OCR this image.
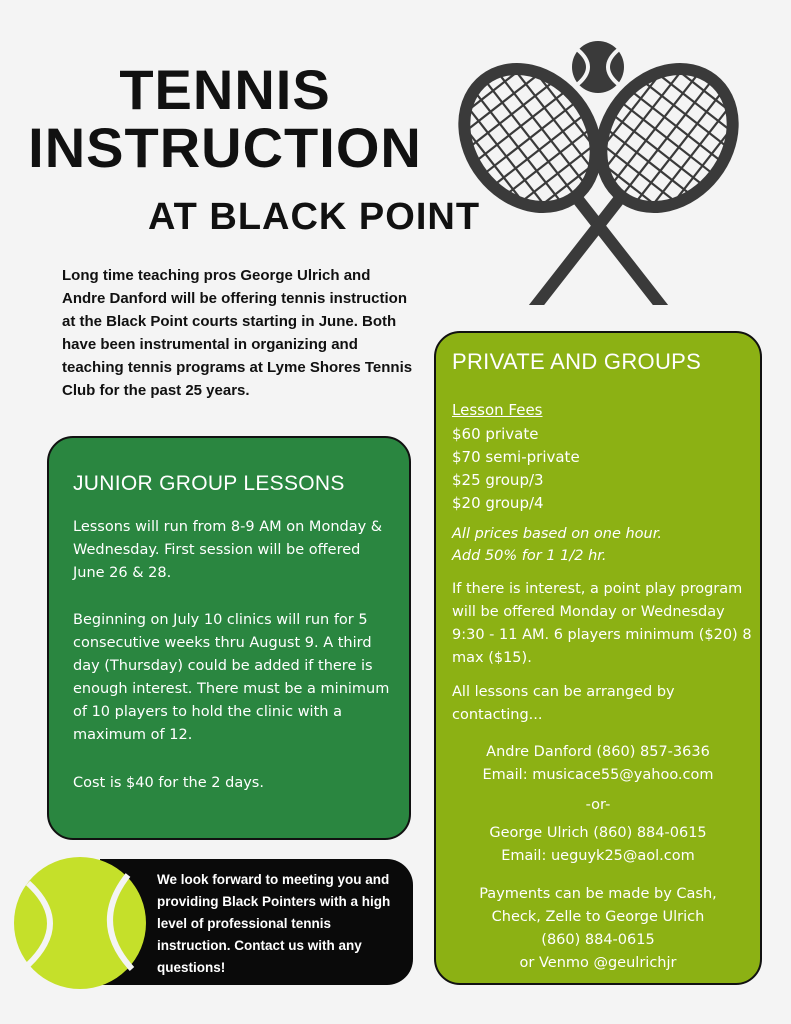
TENNIS
INSTRUCTION
AT BLACK POINT
Long time teaching pros George Ulrich and Andre Danford will be offering tennis instruction at the Black Point courts starting in June. Both have been instrumental in organizing and teaching tennis programs at Lyme Shores Tennis Club for the past 25 years.
JUNIOR GROUP LESSONS

Lessons will run from 8-9 AM on Monday & Wednesday. First session will be offered June 26 & 28.

Beginning on July 10 clinics will run for 5 consecutive weeks thru August 9. A third day (Thursday) could be added if there is enough interest. There must be a minimum of 10 players to hold the clinic with a maximum of 12.

Cost is $40 for the 2 days.

PRIVATE AND GROUPS
Lesson Fees
$60 private
$70 semi-private
$25 group/3
$20 group/4
All prices based on one hour.
Add 50% for 1 1/2 hr.

If there is interest, a point play program will be offered Monday or Wednesday 9:30 - 11 AM. 6 players minimum ($20) 8 max ($15).

All lessons can be arranged by contacting...

Andre Danford (860) 857-3636
Email: musicace55@yahoo.com
-or-
George Ulrich (860) 884-0615
Email: ueguyk25@aol.com
Payments can be made by Cash,
Check, Zelle to George Ulrich
(860) 884-0615
or Venmo @geulrichjr

We look forward to meeting you and providing Black Pointers with a high level of professional tennis instruction. Contact us with any questions!
